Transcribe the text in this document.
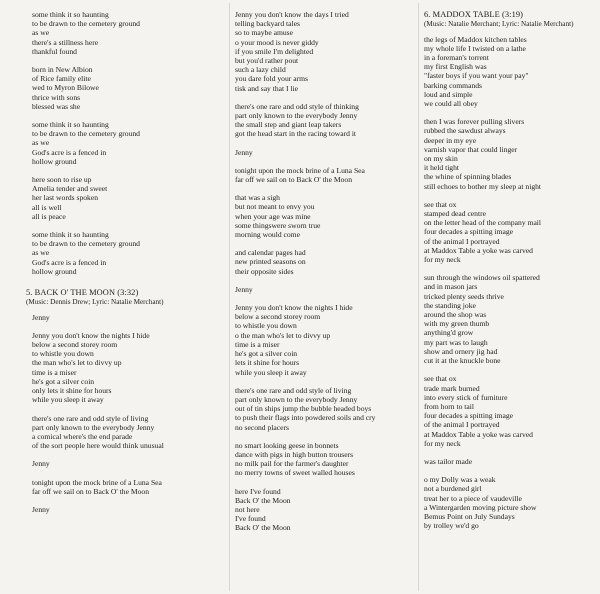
some think it so haunting
to be drawn to the cemetery ground
as we
there's a stillness here
thankful found
born in New Albion
of Rice family elite
wed to Myron Bilowe
thrice with sons
blessed was she
some think it so haunting
to be drawn to the cemetery ground
as we
God's acre is a fenced in
hollow ground
here soon to rise up
Amelia tender and sweet
her last words spoken
all is well
all is peace
some think it so haunting
to be drawn to the cemetery ground
as we
God's acre is a fenced in
hollow ground
5. BACK O' THE MOON (3:32)
(Music: Dennis Drew; Lyric: Natalie Merchant)
Jenny
Jenny you don't know the nights I hide
below a second storey room
to whistle you down
the man who's let to divvy up
time is a miser
he's got a silver coin
only lets it shine for hours
while you sleep it away
there's one rare and odd style of living
part only known to the everybody Jenny
a comical where's the end parade
of the sort people here would think unusual
Jenny
tonight upon the mock brine of a Luna Sea
far off we sail on to Back O' the Moon
Jenny
Jenny you don't know the days I tried
telling backyard tales
so to maybe amuse
o your mood is never giddy
if you smile I'm delighted
but you'd rather pout
such a lazy child
you dare fold your arms
tisk and say that I lie
there's one rare and odd style of thinking
part only known to the everybody Jenny
the small step and giant leap takers
got the head start in the racing toward it
Jenny
tonight upon the mock brine of a Luna Sea
far off we sail on to Back O' the Moon
that was a sigh
but not meant to envy you
when your age was mine
some thingswere sworn true
morning would come
and calendar pages had
new printed seasons on
their opposite sides
Jenny
Jenny you don't know the nights I hide
below a second storey room
to whistle you down
o the man who's let to divvy up
time is a miser
he's got a silver coin
lets it shine for hours
while you sleep it away
there's one rare and odd style of living
part only known to the everybody Jenny
out of tin ships jump the bubble headed boys
to push their flags into powdered soils and cry
no second placers
no smart looking geese in bonnets
dance with pigs in high button trousers
no milk pail for the farmer's daughter
no merry towns of sweet walled houses
here I've found
Back O' the Moon
not here
I've found
Back O' the Moon
6. MADDOX TABLE (3:19)
(Music: Natalie Merchant; Lyric: Natalie Merchant)
the legs of Maddox kitchen tables
my whole life I twisted on a lathe
in a foreman's torrent
my first English was
"faster boys if you want your pay"
barking commands
loud and simple
we could all obey
then I was forever pulling slivers
rubbed the sawdust always
deeper in my eye
varnish vapor that could linger
on my skin
it held tight
the whine of spinning blades
still echoes to bother my sleep at night
see that ox
stamped dead centre
on the letter head of the company mail
four decades a spitting image
of the animal I portrayed
at Maddox Table a yoke was carved
for my neck
sun through the windows oil spattered
and in mason jars
tricked plenty seeds thrive
the standing joke
around the shop was
with my green thumb
anything'd grow
my part was to laugh
show and ornery jig had
cut it at the knuckle bone
see that ox
trade mark burned
into every stick of furniture
from horn to tail
four decades a spitting image
of the animal I portrayed
at Maddox Table a yoke was carved
for my neck
was tailor made
o my Dolly was a weak
not a burdened girl
treat her to a piece of vaudeville
a Wintergarden moving picture show
Bemus Point on July Sundays
by trolley we'd go
